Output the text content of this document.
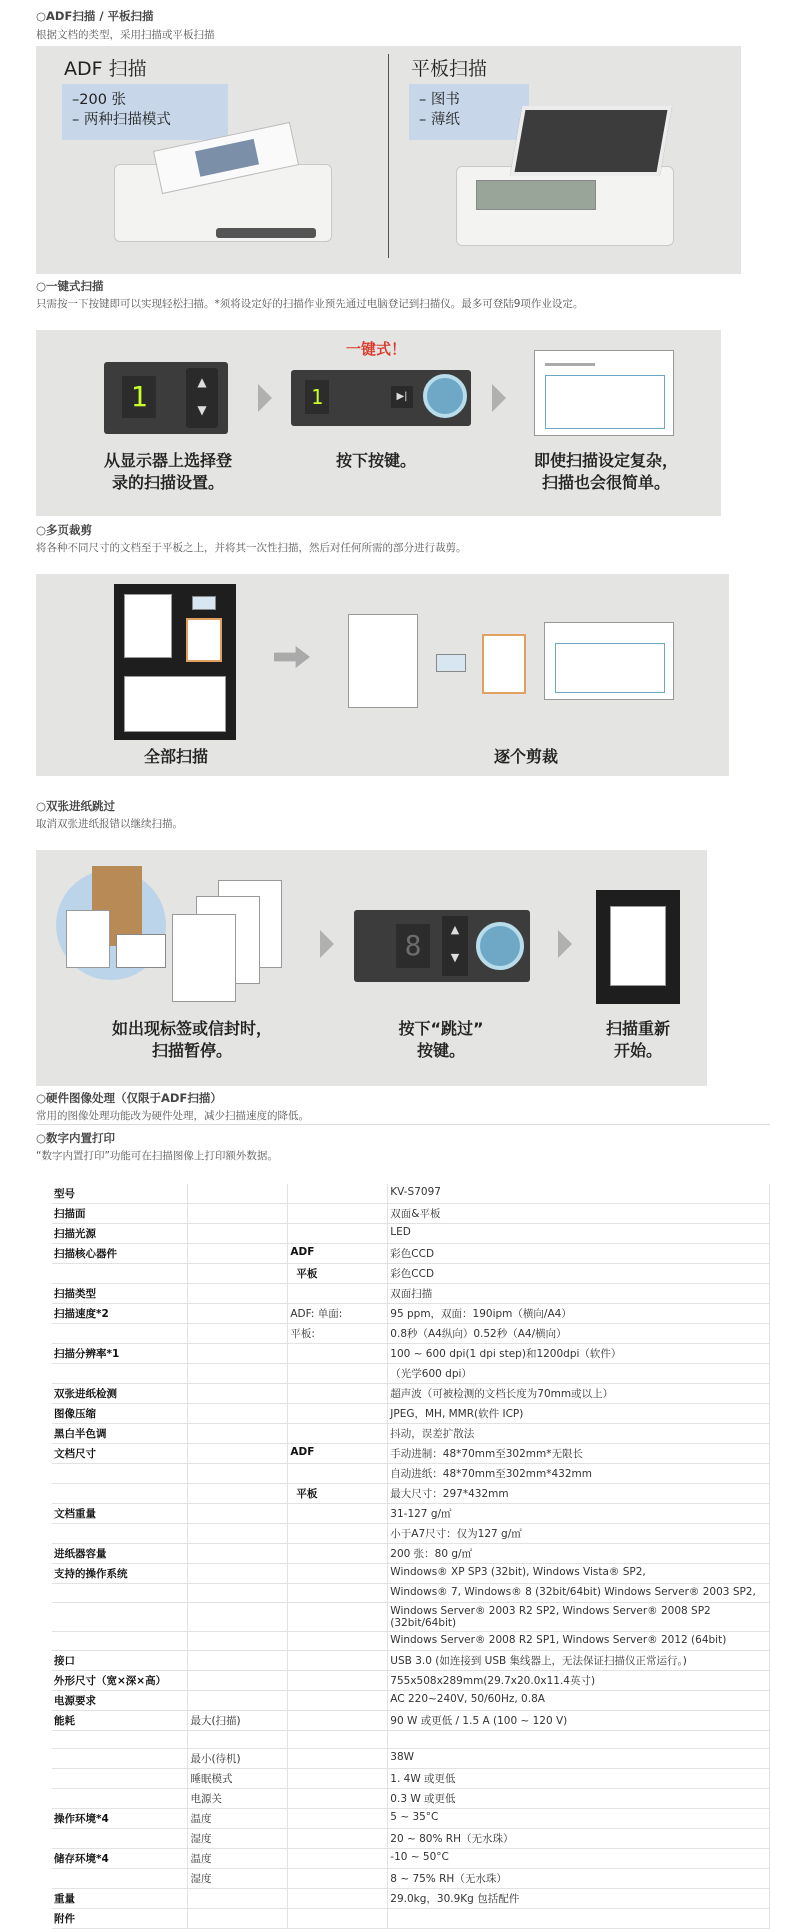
○ADF扫描 / 平板扫描
根据文档的类型，采用扫描或平板扫描
ADF 扫描
–200 张
– 两种扫描模式
平板扫描
– 图书
– 薄纸
○一键式扫描
只需按一下按键即可以实现轻松扫描。*须将设定好的扫描作业预先通过电脑登记到扫描仪。最多可登陆9项作业设定。
一键式！
1	▲
▼
1	▶|
从显示器上选择登
录的扫描设置。
按下按键。	即使扫描设定复杂，
扫描也会很简单。
○多页裁剪
将各种不同尺寸的文档至于平板之上，并将其一次性扫描，然后对任何所需的部分进行裁剪。
全部扫描	逐个剪裁
○双张进纸跳过
取消双张进纸报错以继续扫描。
8	▲
▼
如出现标签或信封时，
扫描暂停。
按下“跳过”
按键。
扫描重新
开始。
○硬件图像处理（仅限于ADF扫描）
常用的图像处理功能改为硬件处理，减少扫描速度的降低。
○数字内置打印
“数字内置打印”功能可在扫描图像上打印额外数据。
型号			KV-S7097
扫描面			双面&平板
扫描光源			LED
扫描核心器件		ADF	彩色CCD
		平板	彩色CCD
扫描类型			双面扫描
扫描速度*2		ADF: 单面:	95 ppm，双面：190ipm（横向/A4）
		平板:	0.8秒（A4纵向）0.52秒（A4/横向）
扫描分辨率*1			100 ~ 600 dpi(1 dpi step)和1200dpi（软件）
			（光学600 dpi）
双张进纸检测			超声波（可被检测的文档长度为70mm或以上）
图像压缩			JPEG，MH, MMR(软件 ICP)
黑白半色调			抖动，误差扩散法
文档尺寸		ADF	手动进制：48*70mm至302mm*无限长
			自动进纸：48*70mm至302mm*432mm
		平板	最大尺寸：297*432mm
文档重量			31-127 g/㎡
			小于A7尺寸：仅为127 g/㎡
进纸器容量			200 张：80 g/㎡
支持的操作系统			Windows® XP SP3 (32bit), Windows Vista® SP2,
			Windows® 7, Windows® 8 (32bit/64bit) Windows Server® 2003 SP2,
			Windows Server® 2003 R2 SP2, Windows Server® 2008 SP2 (32bit/64bit)
			Windows Server® 2008 R2 SP1, Windows Server® 2012 (64bit)
接口			USB 3.0 (如连接到 USB 集线器上，无法保证扫描仪正常运行。)
外形尺寸（宽×深×高）			755x508x289mm(29.7x20.0x11.4英寸)
电源要求			AC 220~240V, 50/60Hz, 0.8A
能耗	最大(扫描)		90 W 或更低 / 1.5 A (100 ~ 120 V)

	最小(待机)		38W
	睡眠模式		1. 4W 或更低
	电源关		0.3 W 或更低
操作环境*4	温度		5 ~ 35°C
	湿度		20 ~ 80% RH（无水珠）
储存环境*4	温度		-10 ~ 50°C
	湿度		8 ~ 75% RH（无水珠）
重量			29.0kg，30.9Kg 包括配件
附件			
